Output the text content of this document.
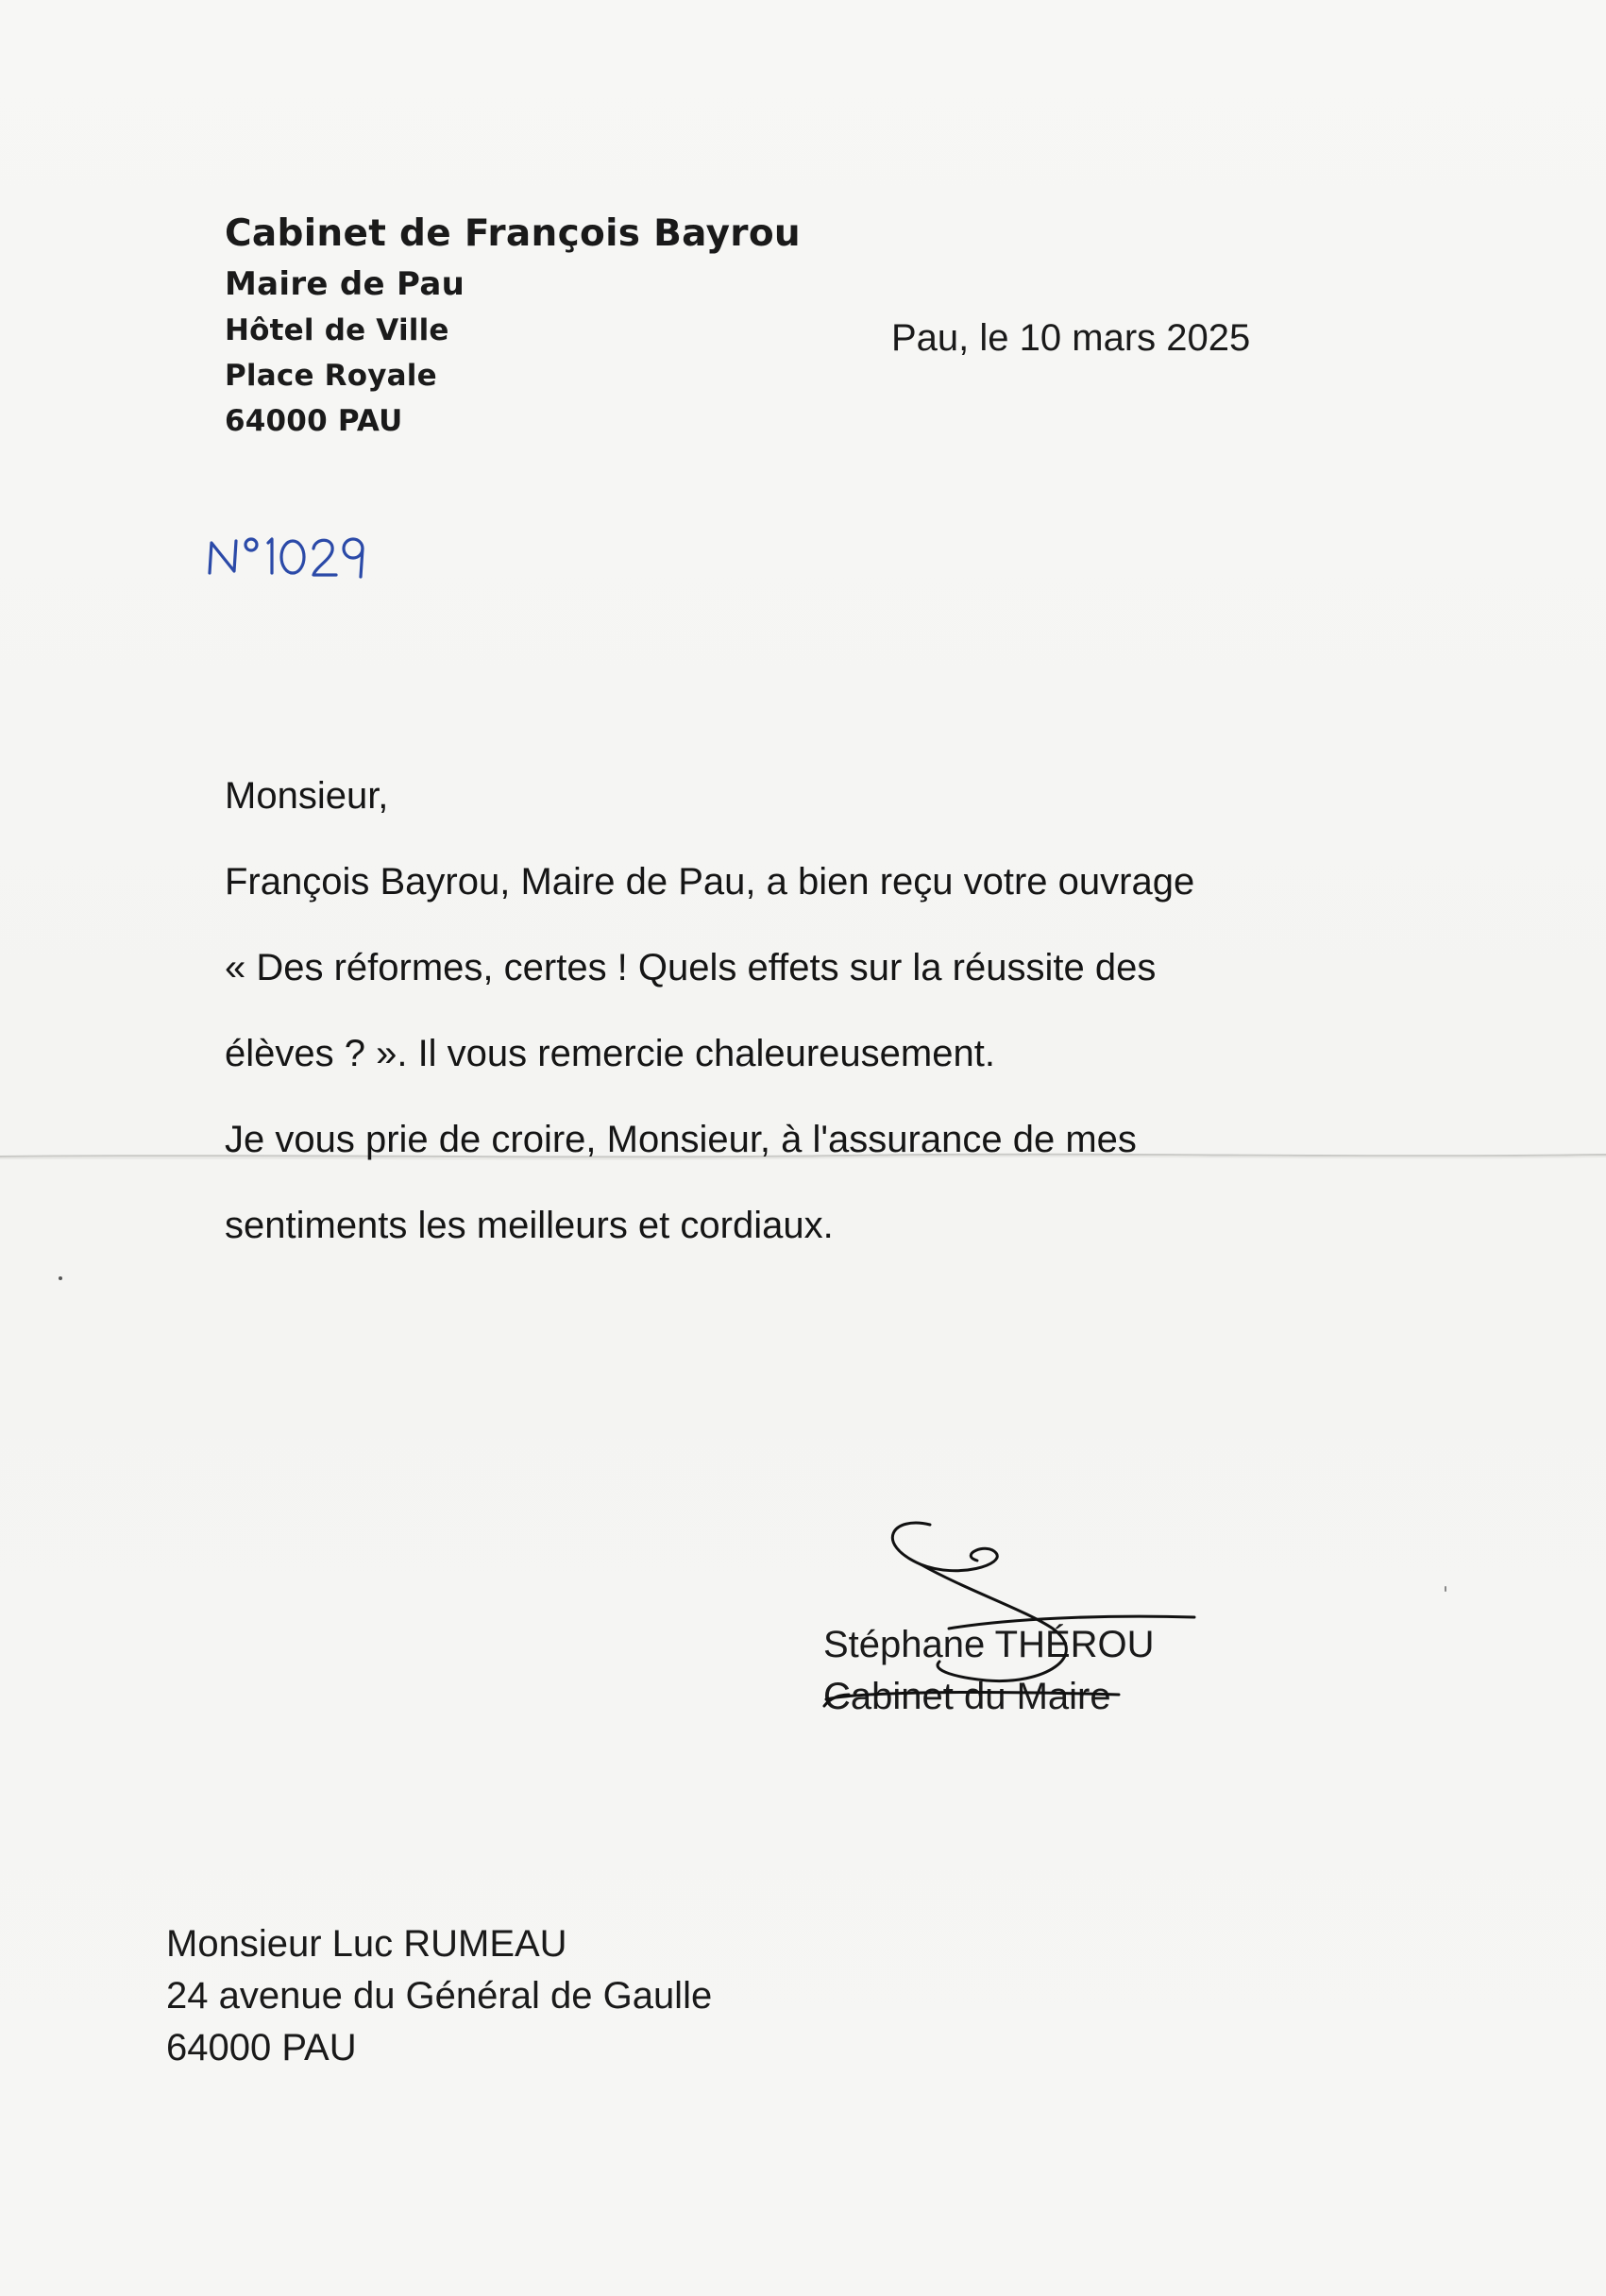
Cabinet de François Bayrou
Maire de Pau
Hôtel de Ville
Place Royale
64000 PAU
Pau, le 10 mars 2025
Monsieur,
François Bayrou, Maire de Pau, a bien reçu votre ouvrage
« Des réformes, certes ! Quels effets sur la réussite des
élèves ? ». Il vous remercie chaleureusement.
Je vous prie de croire, Monsieur, à l'assurance de mes
sentiments les meilleurs et cordiaux.
Stéphane THÉROU
Cabinet du Maire
Monsieur Luc RUMEAU
24 avenue du Général de Gaulle
64000 PAU
